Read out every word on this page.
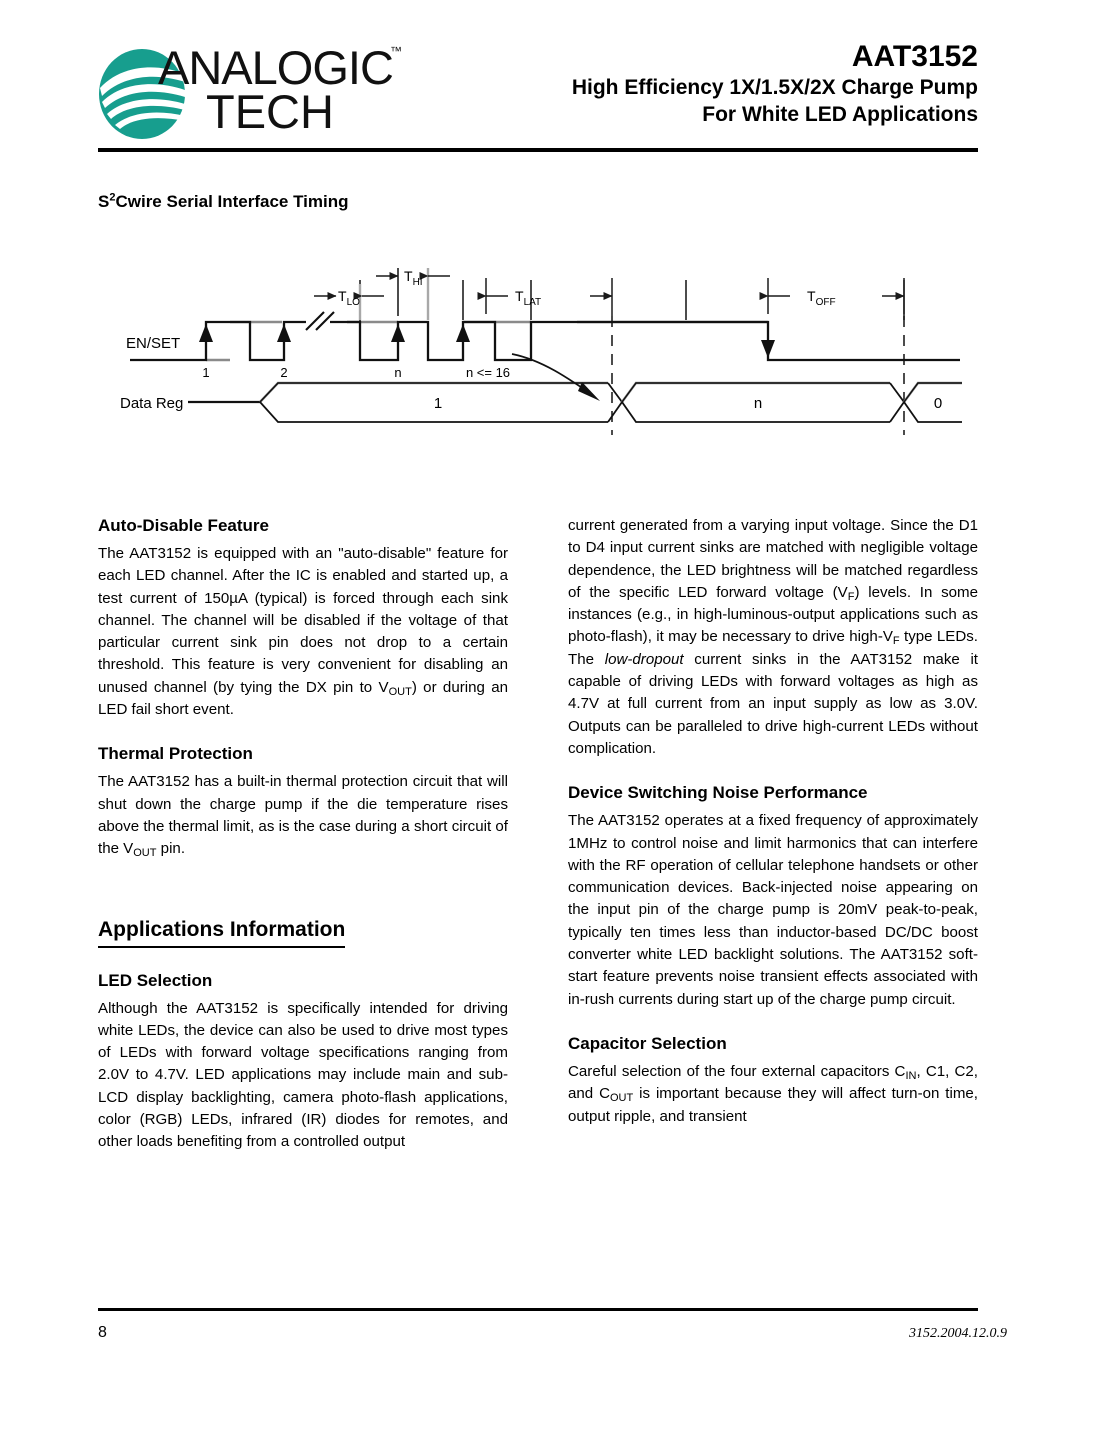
ANALOGIC
™
TECH
AAT3152
High Efficiency 1X/1.5X/2X Charge Pump
For White LED Applications
$S^2Cwire$ Serial Interface Timing
EN/SET
Data Reg
1	2	n	n <= 16
$T_{HI}$
$T_{LO}$	$T_{LAT}$	$T_{OFF}$
1	n	0
Auto-Disable Feature

The AAT3152 is equipped with an "auto-disable" feature for each LED channel. After the IC is enabled and started up, a test current of 150µA (typical) is forced through each sink channel. The channel will be disabled if the voltage of that particular current sink pin does not drop to a certain threshold. This feature is very convenient for disabling an unused channel (by tying the DX pin to $V_{OUT}$) or during an LED fail short event.

Thermal Protection

The AAT3152 has a built-in thermal protection circuit that will shut down the charge pump if the die temperature rises above the thermal limit, as is the case during a short circuit of the $V_{OUT}$ pin.

Applications Information
LED Selection

Although the AAT3152 is specifically intended for driving white LEDs, the device can also be used to drive most types of LEDs with forward voltage specifications ranging from 2.0V to 4.7V. LED applications may include main and sub-LCD display backlighting, camera photo-flash applications, color (RGB) LEDs, infrared (IR) diodes for remotes, and other loads benefiting from a controlled output

current generated from a varying input voltage. Since the D1 to D4 input current sinks are matched with negligible voltage dependence, the LED brightness will be matched regardless of the specific LED forward voltage $(V_F)$ levels. In some instances (e.g., in high-luminous-output applications such as photo-flash), it may be necessary to drive high-$V_F$ type LEDs. The low-dropout current sinks in the AAT3152 make it capable of driving LEDs with forward voltages as high as 4.7V at full current from an input supply as low as 3.0V. Outputs can be paralleled to drive high-current LEDs without complication.

Device Switching Noise Performance

The AAT3152 operates at a fixed frequency of approximately 1MHz to control noise and limit harmonics that can interfere with the RF operation of cellular telephone handsets or other communication devices. Back-injected noise appearing on the input pin of the charge pump is 20mV peak-to-peak, typically ten times less than inductor-based DC/DC boost converter white LED backlight solutions. The AAT3152 soft-start feature prevents noise transient effects associated with in-rush currents during start up of the charge pump circuit.

Capacitor Selection

Careful selection of the four external capacitors $C_{IN}$, C1, C2, and $C_{OUT}$ is important because they will affect turn-on time, output ripple, and transient

8	3152.2004.12.0.9
